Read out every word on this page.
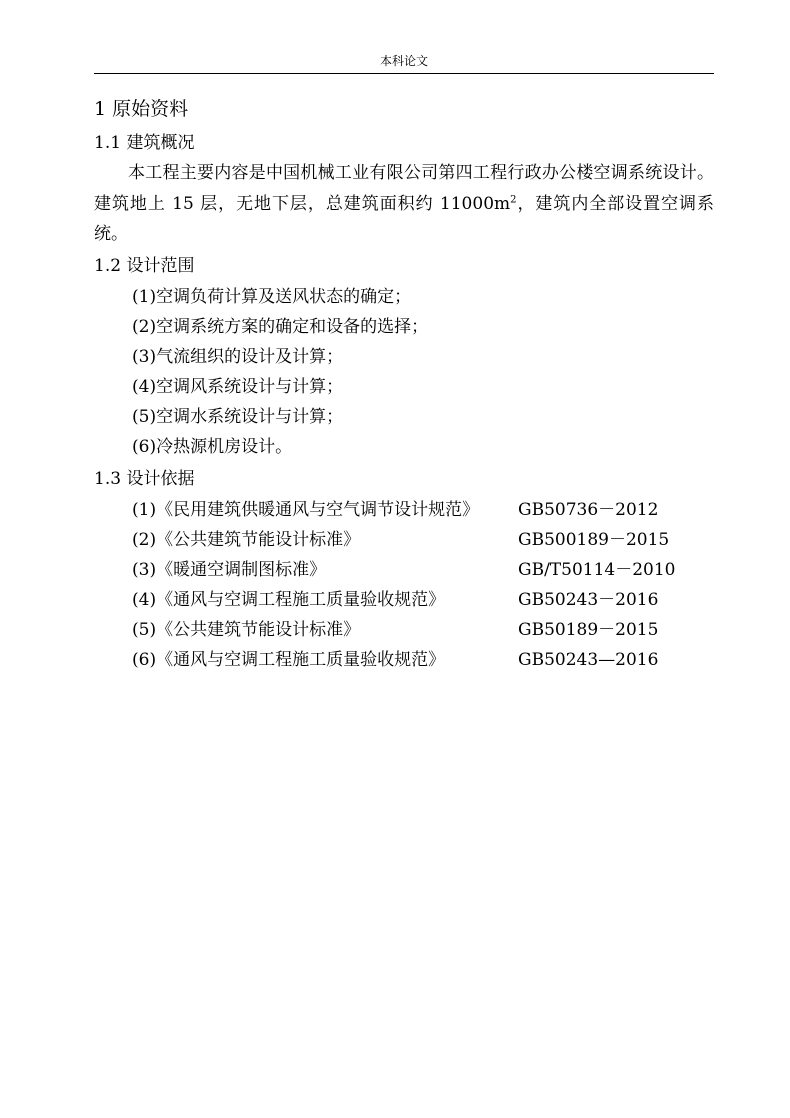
本科论文
1 原始资料
1.1 建筑概况

本工程主要内容是中国机械工业有限公司第四工程行政办公楼空调系统设计。建筑地上 15 层，无地下层，总建筑面积约 $11000m^2$，建筑内全部设置空调系统。

1.2 设计范围
(1)空调负荷计算及送风状态的确定；
(2)空调系统方案的确定和设备的选择；
(3)气流组织的设计及计算；
(4)空调风系统设计与计算；
(5)空调水系统设计与计算；
(6)冷热源机房设计。
1.3 设计依据
(1)《民用建筑供暖通风与空气调节设计规范》 GB50736－2012
(2)《公共建筑节能设计标准》	GB500189－2015
(3)《暖通空调制图标准》	GB/T50114－2010
(4)《通风与空调工程施工质量验收规范》	GB50243－2016
(5)《公共建筑节能设计标准》	GB50189－2015
(6)《通风与空调工程施工质量验收规范》	GB50243—2016
